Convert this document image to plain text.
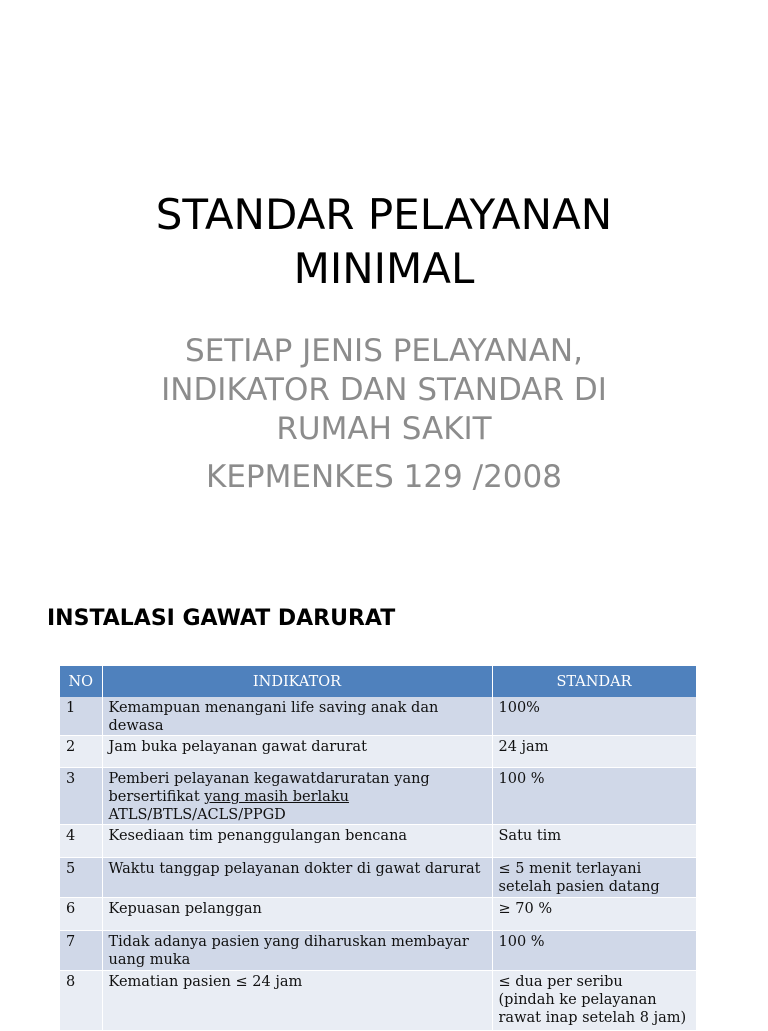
STANDAR PELAYANAN
MINIMAL
SETIAP JENIS PELAYANAN,
INDIKATOR DAN STANDAR DI
RUMAH SAKIT
KEPMENKES 129 /2008
INSTALASI GAWAT DARURAT
NO	INDIKATOR	STANDAR
1	Kemampuan menangani life saving anak dan dewasa	100%
2	Jam buka pelayanan gawat darurat	24 jam
3	Pemberi pelayanan kegawatdaruratan yang bersertifikat yang masih berlaku ATLS/BTLS/ACLS/PPGD	100 %
4	Kesediaan tim penanggulangan bencana	Satu tim
5	Waktu tanggap pelayanan dokter di gawat darurat	≤ 5 menit terlayani setelah pasien datang
6	Kepuasan pelanggan	≥ 70 %
7	Tidak adanya pasien yang diharuskan membayar uang muka	100 %
8	Kematian pasien ≤ 24 jam	≤ dua per seribu
(pindah ke pelayanan rawat inap setelah 8 jam)
